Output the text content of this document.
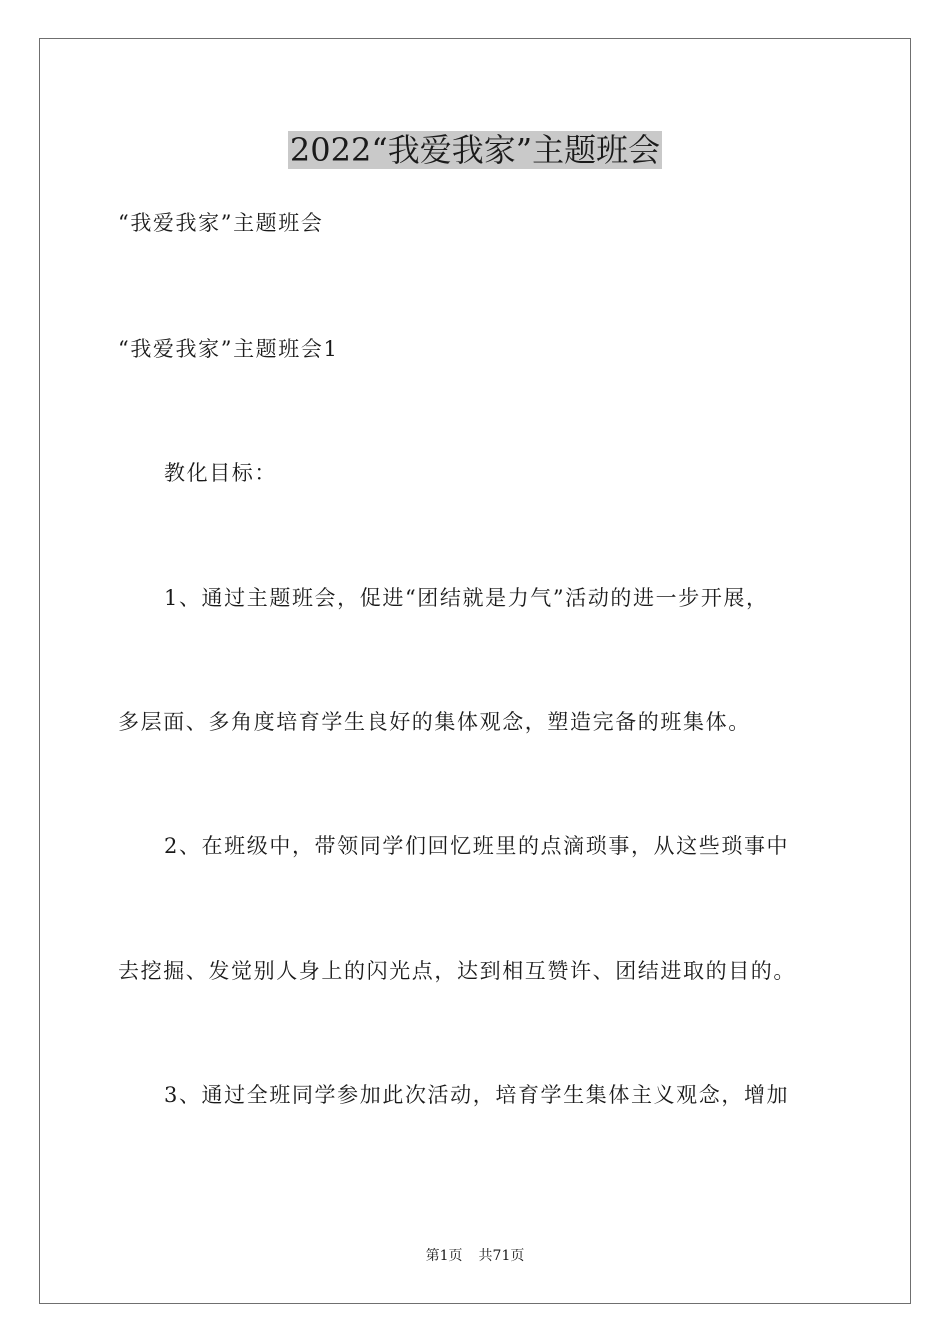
2022“我爱我家”主题班会
“我爱我家”主题班会
“我爱我家”主题班会1
教化目标：
1、通过主题班会，促进“团结就是力气”活动的进一步开展，
多层面、多角度培育学生良好的集体观念，塑造完备的班集体。
2、在班级中，带领同学们回忆班里的点滴琐事，从这些琐事中
去挖掘、发觉别人身上的闪光点，达到相互赞许、团结进取的目的。
3、通过全班同学参加此次活动，培育学生集体主义观念，增加
第1页 共71页
